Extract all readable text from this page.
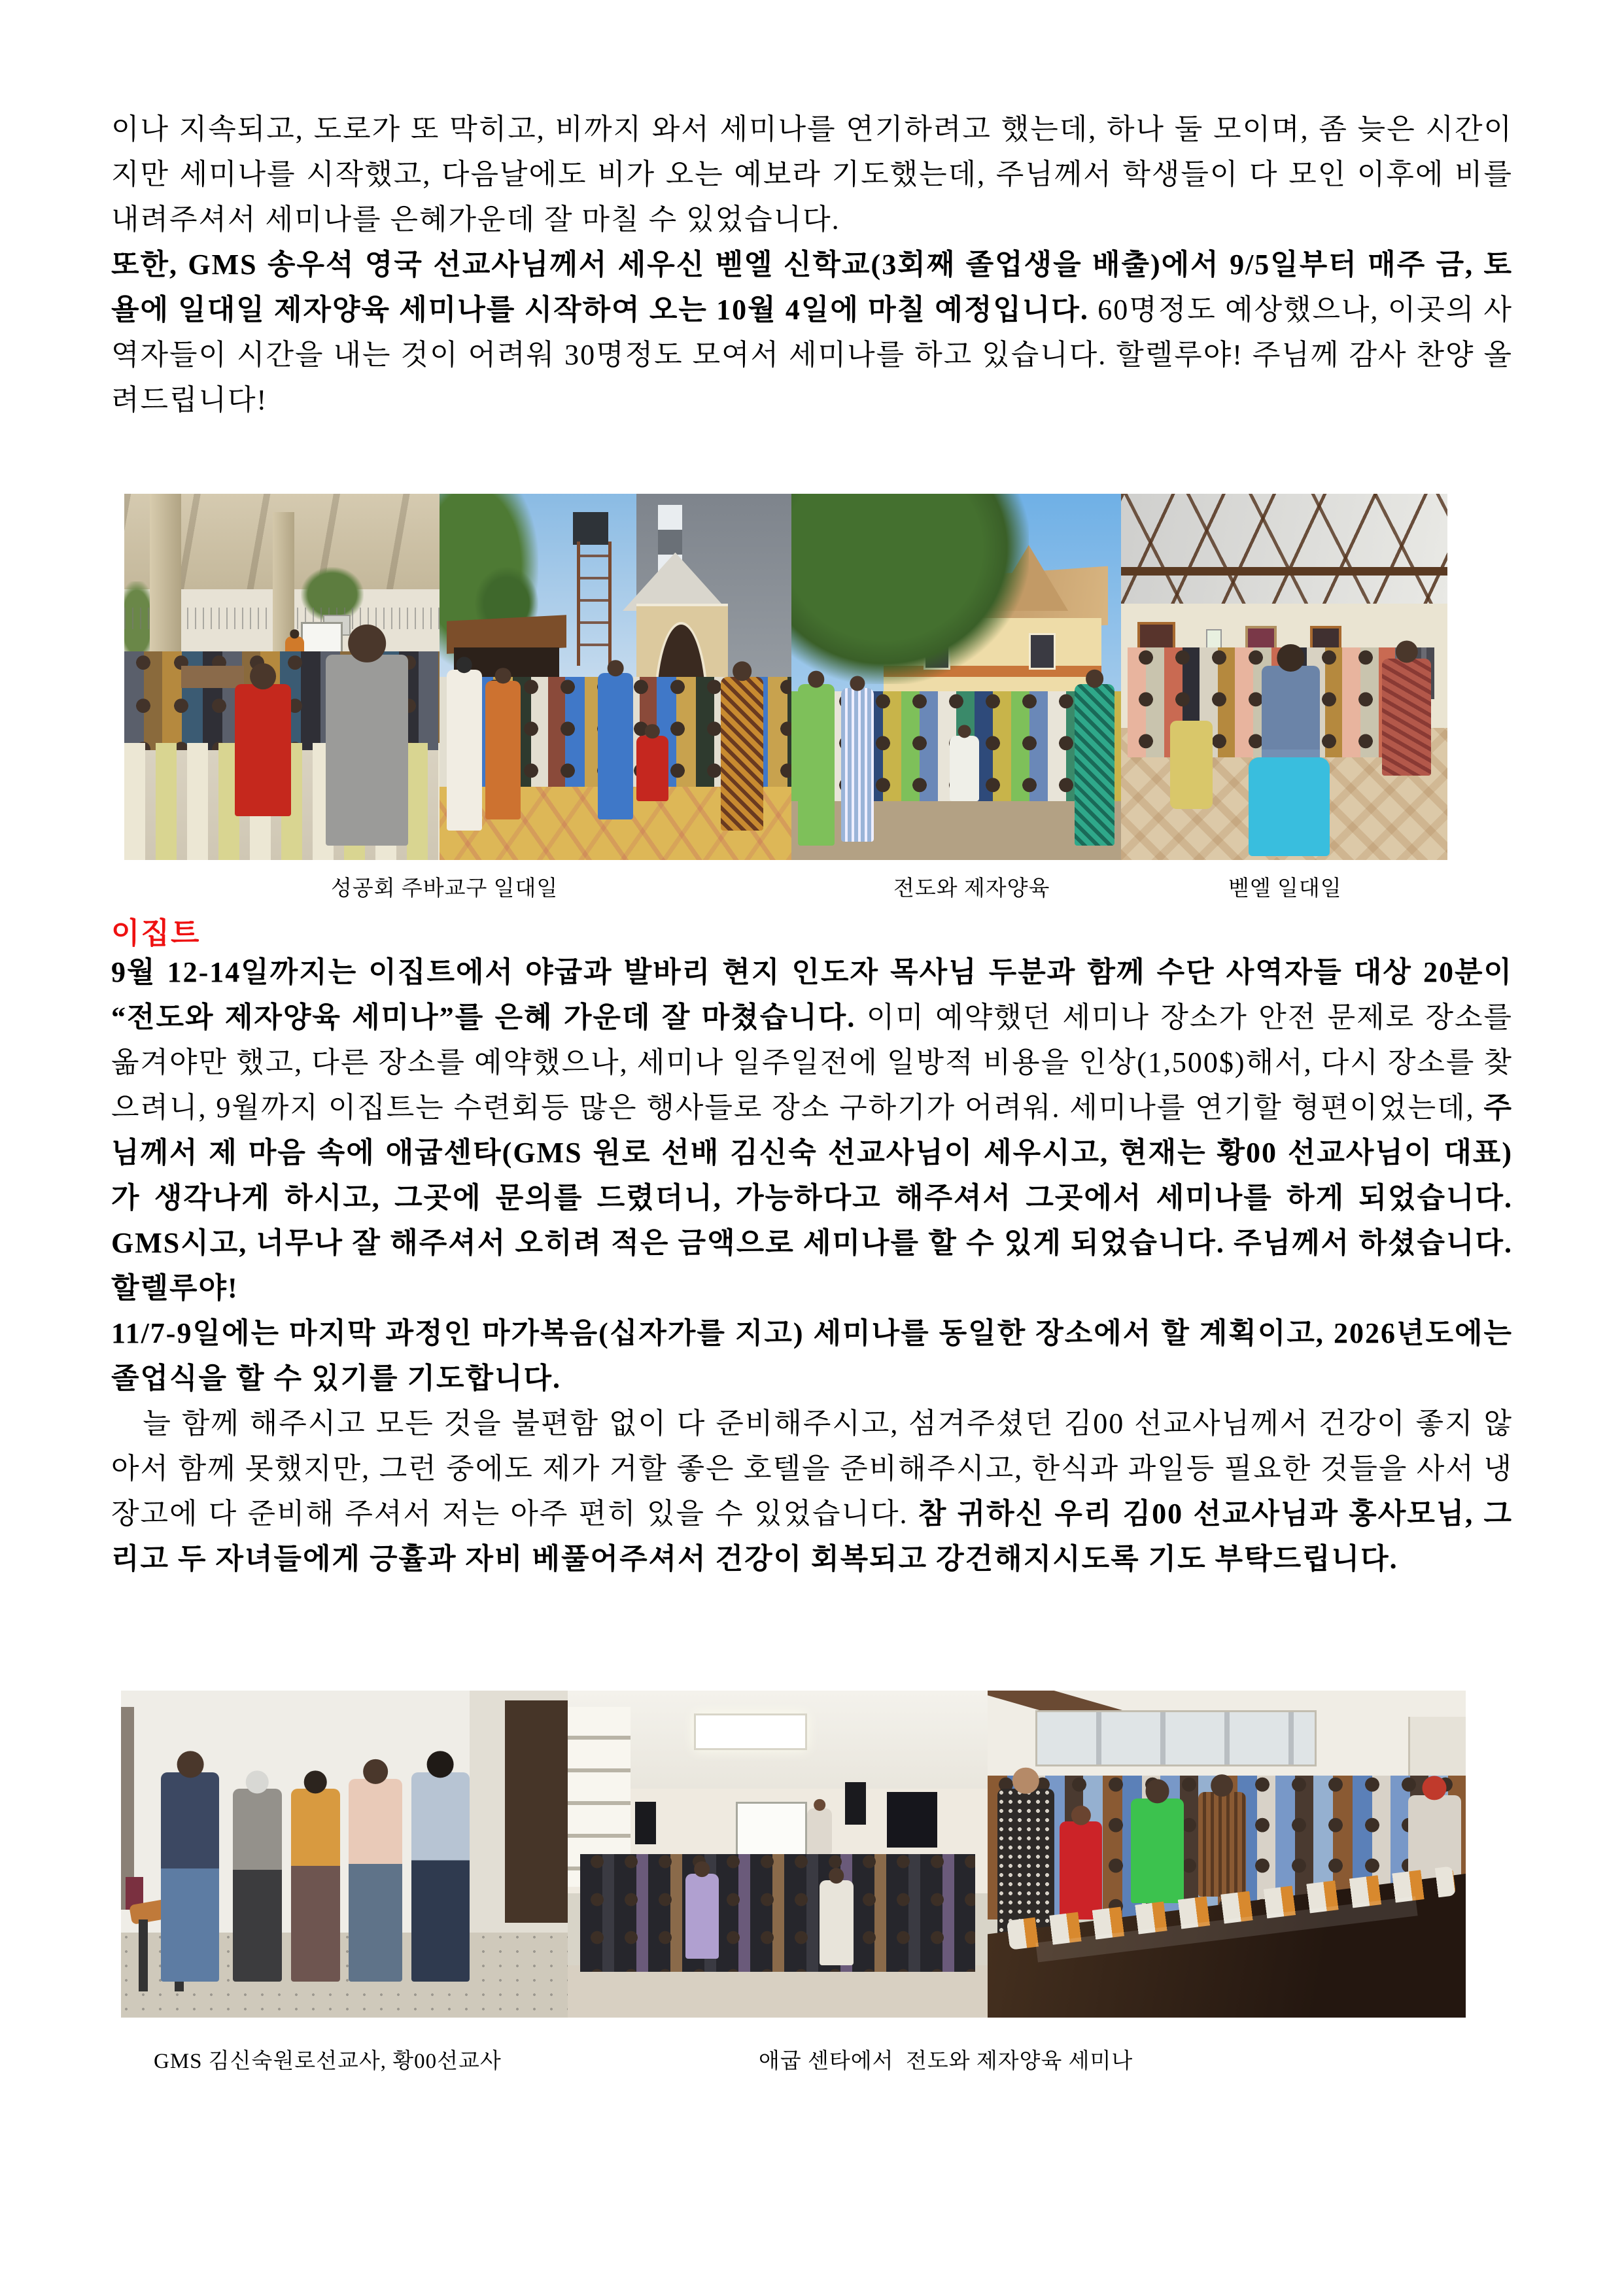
이나 지속되고, 도로가 또 막히고, 비까지 와서 세미나를 연기하려고 했는데, 하나 둘 모이며, 좀 늦은 시간이지만 세미나를 시작했고, 다음날에도 비가 오는 예보라 기도했는데, 주님께서 학생들이 다 모인 이후에 비를 내려주셔서 세미나를 은혜가운데 잘 마칠 수 있었습니다.

또한, GMS 송우석 영국 선교사님께서 세우신 벧엘 신학교(3회째 졸업생을 배출)에서 9/5일부터 매주 금, 토욜에 일대일 제자양육 세미나를 시작하여 오는 10월 4일에 마칠 예정입니다. 60명정도 예상했으나, 이곳의 사역자들이 시간을 내는 것이 어려워 30명정도 모여서 세미나를 하고 있습니다. 할렐루야! 주님께 감사 찬양 올려드립니다!

성공회 주바교구 일대일	전도와 제자양육	벧엘 일대일
이집트

9월 12-14일까지는 이집트에서 야굽과 발바리 현지 인도자 목사님 두분과 함께 수단 사역자들 대상 20분이 “전도와 제자양육 세미나”를 은혜 가운데 잘 마쳤습니다. 이미 예약했던 세미나 장소가 안전 문제로 장소를 옮겨야만 했고, 다른 장소를 예약했으나, 세미나 일주일전에 일방적 비용을 인상(1,500$)해서, 다시 장소를 찾으려니, 9월까지 이집트는 수련회등 많은 행사들로 장소 구하기가 어려워. 세미나를 연기할 형편이었는데, 주님께서 제 마음 속에 애굽센타(GMS 원로 선배 김신숙 선교사님이 세우시고, 현재는 황00 선교사님이 대표)가 생각나게 하시고, 그곳에 문의를 드렸더니, 가능하다고 해주셔서 그곳에서 세미나를 하게 되었습니다. GMS시고, 너무나 잘 해주셔서 오히려 적은 금액으로 세미나를 할 수 있게 되었습니다. 주님께서 하셨습니다. 할렐루야!

11/7-9일에는 마지막 과정인 마가복음(십자가를 지고) 세미나를 동일한 장소에서 할 계획이고, 2026년도에는 졸업식을 할 수 있기를 기도합니다.

늘 함께 해주시고 모든 것을 불편함 없이 다 준비해주시고, 섬겨주셨던 김00 선교사님께서 건강이 좋지 않아서 함께 못했지만, 그런 중에도 제가 거할 좋은 호텔을 준비해주시고, 한식과 과일등 필요한 것들을 사서 냉장고에 다 준비해 주셔서 저는 아주 편히 있을 수 있었습니다. 참 귀하신 우리 김00 선교사님과 홍사모님, 그리고 두 자녀들에게 긍휼과 자비 베풀어주셔서 건강이 회복되고 강건해지시도록 기도 부탁드립니다.

GMS 김신숙원로선교사, 황00선교사	애굽 센타에서  전도와 제자양육 세미나
